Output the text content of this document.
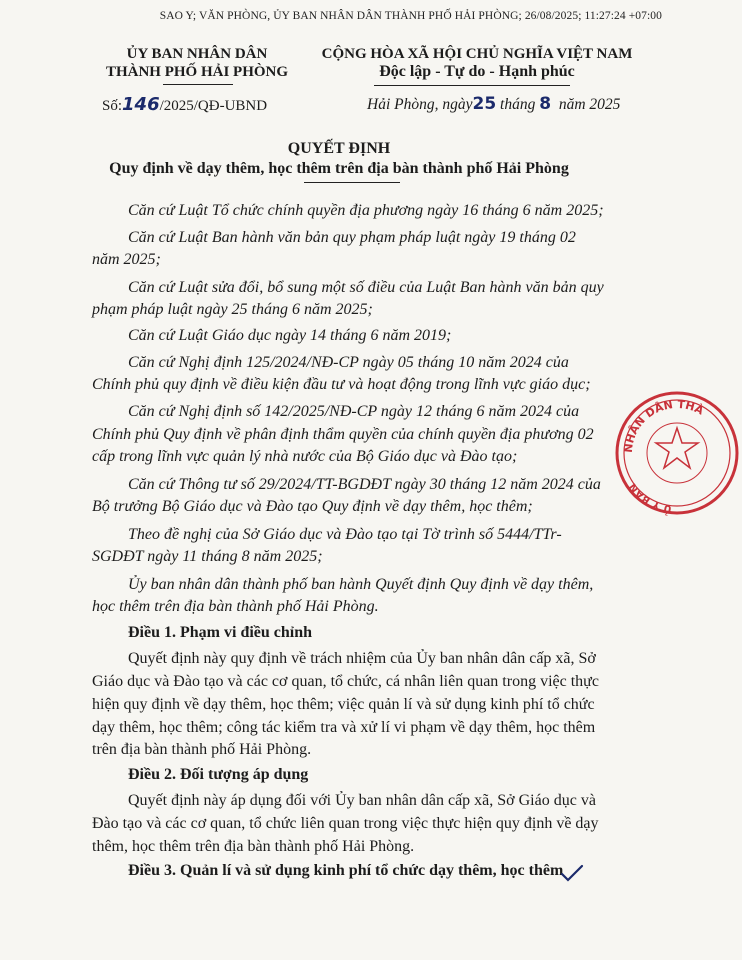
SAO Y; VĂN PHÒNG, ỦY BAN NHÂN DÂN THÀNH PHỐ HẢI PHÒNG; 26/08/2025; 11:27:24 +07:00
ỦY BAN NHÂN DÂN
THÀNH PHỐ HẢI PHÒNG
Số:146/2025/QĐ-UBND
CỘNG HÒA XÃ HỘI CHỦ NGHĨA VIỆT NAM
Độc lập - Tự do - Hạnh phúc
Hải Phòng, ngày25 tháng 8 năm 2025
QUYẾT ĐỊNH
Quy định về dạy thêm, học thêm trên địa bàn thành phố Hải Phòng
Căn cứ Luật Tổ chức chính quyền địa phương ngày 16 tháng 6 năm 2025;
Căn cứ Luật Ban hành văn bản quy phạm pháp luật ngày 19 tháng 02
năm 2025;
Căn cứ Luật sửa đổi, bổ sung một số điều của Luật Ban hành văn bản quy
phạm pháp luật ngày 25 tháng 6 năm 2025;
Căn cứ Luật Giáo dục ngày 14 tháng 6 năm 2019;
Căn cứ Nghị định 125/2024/NĐ-CP ngày 05 tháng 10 năm 2024 của
Chính phủ quy định về điều kiện đầu tư và hoạt động trong lĩnh vực giáo dục;
Căn cứ Nghị định số 142/2025/NĐ-CP ngày 12 tháng 6 năm 2024 của
Chính phủ Quy định về phân định thẩm quyền của chính quyền địa phương 02
cấp trong lĩnh vực quản lý nhà nước của Bộ Giáo dục và Đào tạo;
Căn cứ Thông tư số 29/2024/TT-BGDĐT ngày 30 tháng 12 năm 2024 của
Bộ trưởng Bộ Giáo dục và Đào tạo Quy định về dạy thêm, học thêm;
Theo đề nghị của Sở Giáo dục và Đào tạo tại Tờ trình số 5444/TTr-
SGDĐT ngày 11 tháng 8 năm 2025;
Ủy ban nhân dân thành phố ban hành Quyết định Quy định về dạy thêm,
học thêm trên địa bàn thành phố Hải Phòng.
Điều 1. Phạm vi điều chỉnh
Quyết định này quy định về trách nhiệm của Ủy ban nhân dân cấp xã, Sở
Giáo dục và Đào tạo và các cơ quan, tổ chức, cá nhân liên quan trong việc thực
hiện quy định về dạy thêm, học thêm; việc quản lí và sử dụng kinh phí tổ chức
dạy thêm, học thêm; công tác kiểm tra và xử lí vi phạm về dạy thêm, học thêm
trên địa bàn thành phố Hải Phòng.
Điều 2. Đối tượng áp dụng
Quyết định này áp dụng đối với Ủy ban nhân dân cấp xã, Sở Giáo dục và
Đào tạo và các cơ quan, tổ chức liên quan trong việc thực hiện quy định về dạy
thêm, học thêm trên địa bàn thành phố Hải Phòng.
Điều 3. Quản lí và sử dụng kinh phí tổ chức dạy thêm, học thêm
NHÂN DÂN THÀ
Ủ Y BAN
